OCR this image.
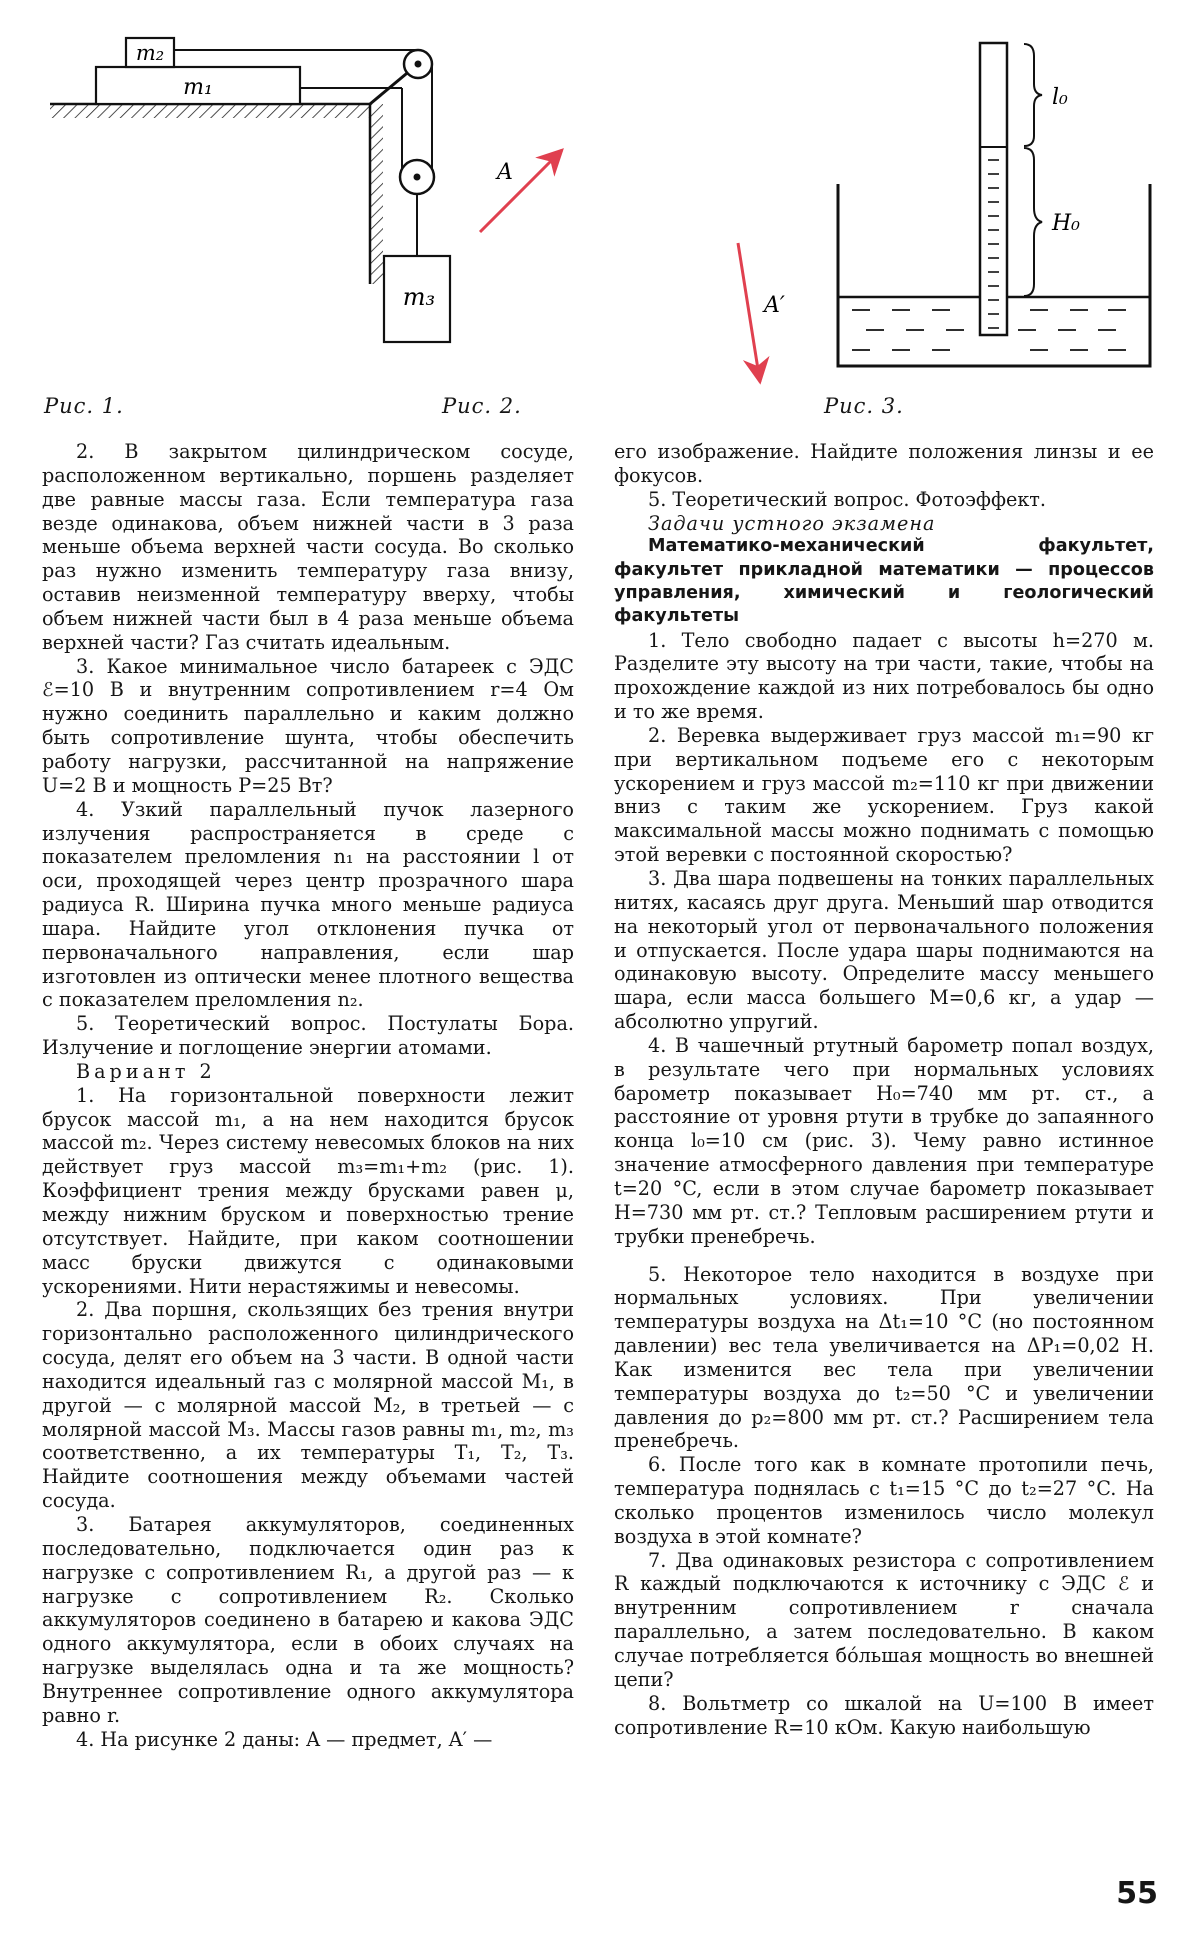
m₁
m₂
m₃
A
A′
l₀
H₀
Рис. 1.	Рис. 2.	Рис. 3.

2. В закрытом цилиндрическом сосуде, расположенном вертикально, поршень разделяет две равные массы газа. Если температура газа везде одинакова, объем нижней части в 3 раза меньше объема верхней части сосуда. Во сколько раз нужно изменить температуру газа внизу, оставив неизменной температуру вверху, чтобы объем нижней части был в 4 раза меньше объема верхней части? Газ считать идеальным.

3. Какое минимальное число батареек с ЭДС ℰ=10 В и внутренним сопротивлением r=4 Ом нужно соединить параллельно и каким должно быть сопротивление шунта, чтобы обеспечить работу нагрузки, рассчитанной на напряжение U=2 В и мощность P=25 Вт?

4. Узкий параллельный пучок лазерного излучения распространяется в среде с показателем преломления n₁ на расстоянии l от оси, проходящей через центр прозрачного шара радиуса R. Ширина пучка много меньше радиуса шара. Найдите угол отклонения пучка от первоначального направления, если шар изготовлен из оптически менее плотного вещества с показателем преломления n₂.

5. Теоретический вопрос. Постулаты Бора. Излучение и поглощение энергии атомами.

Вариант 2

1. На горизонтальной поверхности лежит брусок массой m₁, а на нем находится брусок массой m₂. Через систему невесомых блоков на них действует груз массой m₃=m₁+m₂ (рис. 1). Коэффициент трения между брусками равен μ, между нижним бруском и поверхностью трение отсутствует. Найдите, при каком соотношении масс бруски движутся с одинаковыми ускорениями. Нити нерастяжимы и невесомы.

2. Два поршня, скользящих без трения внутри горизонтально расположенного цилиндрического сосуда, делят его объем на 3 части. В одной части находится идеальный газ с молярной массой M₁, в другой — с молярной массой M₂, в третьей — с молярной массой M₃. Массы газов равны m₁, m₂, m₃ соответственно, а их температуры T₁, T₂, T₃. Найдите соотношения между объемами частей сосуда.

3. Батарея аккумуляторов, соединенных последовательно, подключается один раз к нагрузке с сопротивлением R₁, а другой раз — к нагрузке с сопротивлением R₂. Сколько аккумуляторов соединено в батарею и какова ЭДС одного аккумулятора, если в обоих случаях на нагрузке выделялась одна и та же мощность? Внутреннее сопротивление одного аккумулятора равно r.

4. На рисунке 2 даны: A — предмет, A′ —

его изображение. Найдите положения линзы и ее фокусов.

5. Теоретический вопрос. Фотоэффект.

Задачи устного экзамена

Математико-механический факультет, факультет прикладной математики — процессов управления, химический и геологический факультеты

1. Тело свободно падает с высоты h=270 м. Разделите эту высоту на три части, такие, чтобы на прохождение каждой из них потребовалось бы одно и то же время.

2. Веревка выдерживает груз массой m₁=90 кг при вертикальном подъеме его с некоторым ускорением и груз массой m₂=110 кг при движении вниз с таким же ускорением. Груз какой максимальной массы можно поднимать с помощью этой веревки с постоянной скоростью?

3. Два шара подвешены на тонких параллельных нитях, касаясь друг друга. Меньший шар отводится на некоторый угол от первоначального положения и отпускается. После удара шары поднимаются на одинаковую высоту. Определите массу меньшего шара, если масса большего M=0,6 кг, а удар — абсолютно упругий.

4. В чашечный ртутный барометр попал воздух, в результате чего при нормальных условиях барометр показывает H₀=740 мм рт. ст., а расстояние от уровня ртути в трубке до запаянного конца l₀=10 см (рис. 3). Чему равно истинное значение атмосферного давления при температуре t=20 °C, если в этом случае барометр показывает H=730 мм рт. ст.? Тепловым расширением ртути и трубки пренебречь.

5. Некоторое тело находится в воздухе при нормальных условиях. При увеличении температуры воздуха на Δt₁=10 °C (но постоянном давлении) вес тела увеличивается на ΔP₁=0,02 Н. Как изменится вес тела при увеличении температуры воздуха до t₂=50 °C и увеличении давления до p₂=800 мм рт. ст.? Расширением тела пренебречь.

6. После того как в комнате протопили печь, температура поднялась с t₁=15 °C до t₂=27 °C. На сколько процентов изменилось число молекул воздуха в этой комнате?

7. Два одинаковых резистора с сопротивлением R каждый подключаются к источнику с ЭДС ℰ и внутренним сопротивлением r сначала параллельно, а затем последовательно. В каком случае потребляется бо́льшая мощность во внешней цепи?

8. Вольтметр со шкалой на U=100 В имеет сопротивление R=10 кОм. Какую наибольшую

55
